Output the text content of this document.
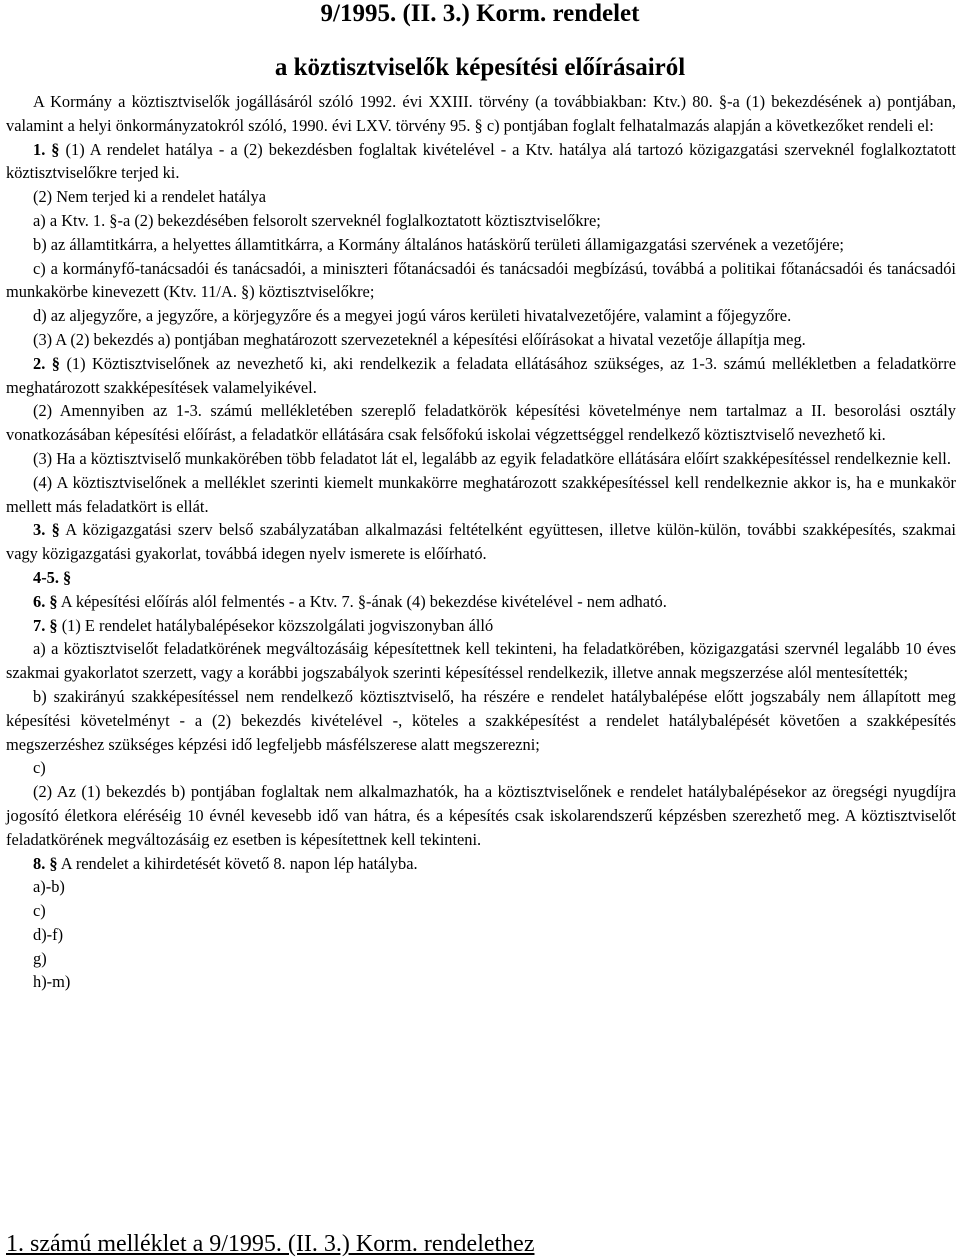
9/1995. (II. 3.) Korm. rendelet
a köztisztviselők képesítési előírásairól

A Kormány a köztisztviselők jogállásáról szóló 1992. évi XXIII. törvény (a továbbiakban: Ktv.) 80. §-a (1) bekezdésének a) pontjában, valamint a helyi önkormányzatokról szóló, 1990. évi LXV. törvény 95. § c) pontjában foglalt felhatalmazás alapján a következőket rendeli el:

1. § (1) A rendelet hatálya - a (2) bekezdésben foglaltak kivételével - a Ktv. hatálya alá tartozó közigazgatási szerveknél foglalkoztatott köztisztviselőkre terjed ki.

(2) Nem terjed ki a rendelet hatálya

a) a Ktv. 1. §-a (2) bekezdésében felsorolt szerveknél foglalkoztatott köztisztviselőkre;

b) az államtitkárra, a helyettes államtitkárra, a Kormány általános hatáskörű területi államigazgatási szervének a vezetőjére;

c) a kormányfő-tanácsadói és tanácsadói, a miniszteri főtanácsadói és tanácsadói megbízású, továbbá a politikai főtanácsadói és tanácsadói munkakörbe kinevezett (Ktv. 11/A. §) köztisztviselőkre;

d) az aljegyzőre, a jegyzőre, a körjegyzőre és a megyei jogú város kerületi hivatalvezetőjére, valamint a főjegyzőre.

(3) A (2) bekezdés a) pontjában meghatározott szervezeteknél a képesítési előírásokat a hivatal vezetője állapítja meg.

2. § (1) Köztisztviselőnek az nevezhető ki, aki rendelkezik a feladata ellátásához szükséges, az 1-3. számú mellékletben a feladatkörre meghatározott szakképesítések valamelyikével.

(2) Amennyiben az 1-3. számú mellékletében szereplő feladatkörök képesítési követelménye nem tartalmaz a II. besorolási osztály vonatkozásában képesítési előírást, a feladatkör ellátására csak felsőfokú iskolai végzettséggel rendelkező köztisztviselő nevezhető ki.

(3) Ha a köztisztviselő munkakörében több feladatot lát el, legalább az egyik feladatköre ellátására előírt szakképesítéssel rendelkeznie kell.

(4) A köztisztviselőnek a melléklet szerinti kiemelt munkakörre meghatározott szakképesítéssel kell rendelkeznie akkor is, ha e munkakör mellett más feladatkört is ellát.

3. § A közigazgatási szerv belső szabályzatában alkalmazási feltételként együttesen, illetve külön-külön, további szakképesítés, szakmai vagy közigazgatási gyakorlat, továbbá idegen nyelv ismerete is előírható.

4-5. §

6. § A képesítési előírás alól felmentés - a Ktv. 7. §-ának (4) bekezdése kivételével - nem adható.

7. § (1) E rendelet hatálybalépésekor közszolgálati jogviszonyban álló

a) a köztisztviselőt feladatkörének megváltozásáig képesítettnek kell tekinteni, ha feladatkörében, közigazgatási szervnél legalább 10 éves szakmai gyakorlatot szerzett, vagy a korábbi jogszabályok szerinti képesítéssel rendelkezik, illetve annak megszerzése alól mentesítették;

b) szakirányú szakképesítéssel nem rendelkező köztisztviselő, ha részére e rendelet hatálybalépése előtt jogszabály nem állapított meg képesítési követelményt - a (2) bekezdés kivételével -, köteles a szakképesítést a rendelet hatálybalépését követően a szakképesítés megszerzéshez szükséges képzési idő legfeljebb másfélszerese alatt megszerezni;

c)

(2) Az (1) bekezdés b) pontjában foglaltak nem alkalmazhatók, ha a köztisztviselőnek e rendelet hatálybalépésekor az öregségi nyugdíjra jogosító életkora eléréséig 10 évnél kevesebb idő van hátra, és a képesítés csak iskolarendszerű képzésben szerezhető meg. A köztisztviselőt feladatkörének megváltozásáig ez esetben is képesítettnek kell tekinteni.

8. § A rendelet a kihirdetését követő 8. napon lép hatályba.

a)-b)

c)

d)-f)

g)

h)-m)

1. számú melléklet a 9/1995. (II. 3.) Korm. rendelethez
